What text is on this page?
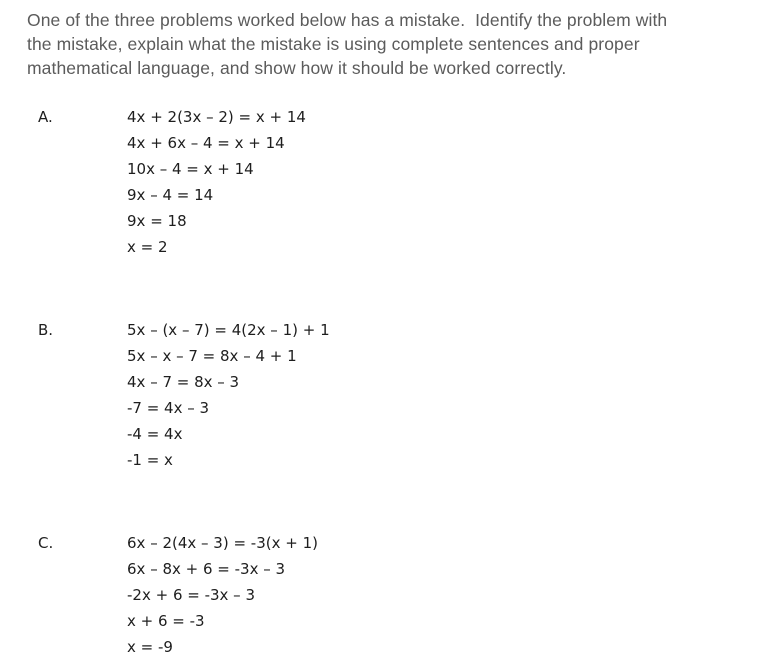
One of the three problems worked below has a mistake.  Identify the problem with
the mistake, explain what the mistake is using complete sentences and proper
mathematical language, and show how it should be worked correctly.
A.	4x + 2(3x – 2) = x + 14
4x + 6x – 4 = x + 14
10x – 4 = x + 14
9x – 4 = 14
9x = 18
x = 2
B.	5x – (x – 7) = 4(2x – 1) + 1
5x – x – 7 = 8x – 4 + 1
4x – 7 = 8x – 3
-7 = 4x – 3
-4 = 4x
-1 = x
C.	6x – 2(4x – 3) = -3(x + 1)
6x – 8x + 6 = -3x – 3
-2x + 6 = -3x – 3
x + 6 = -3
x = -9
